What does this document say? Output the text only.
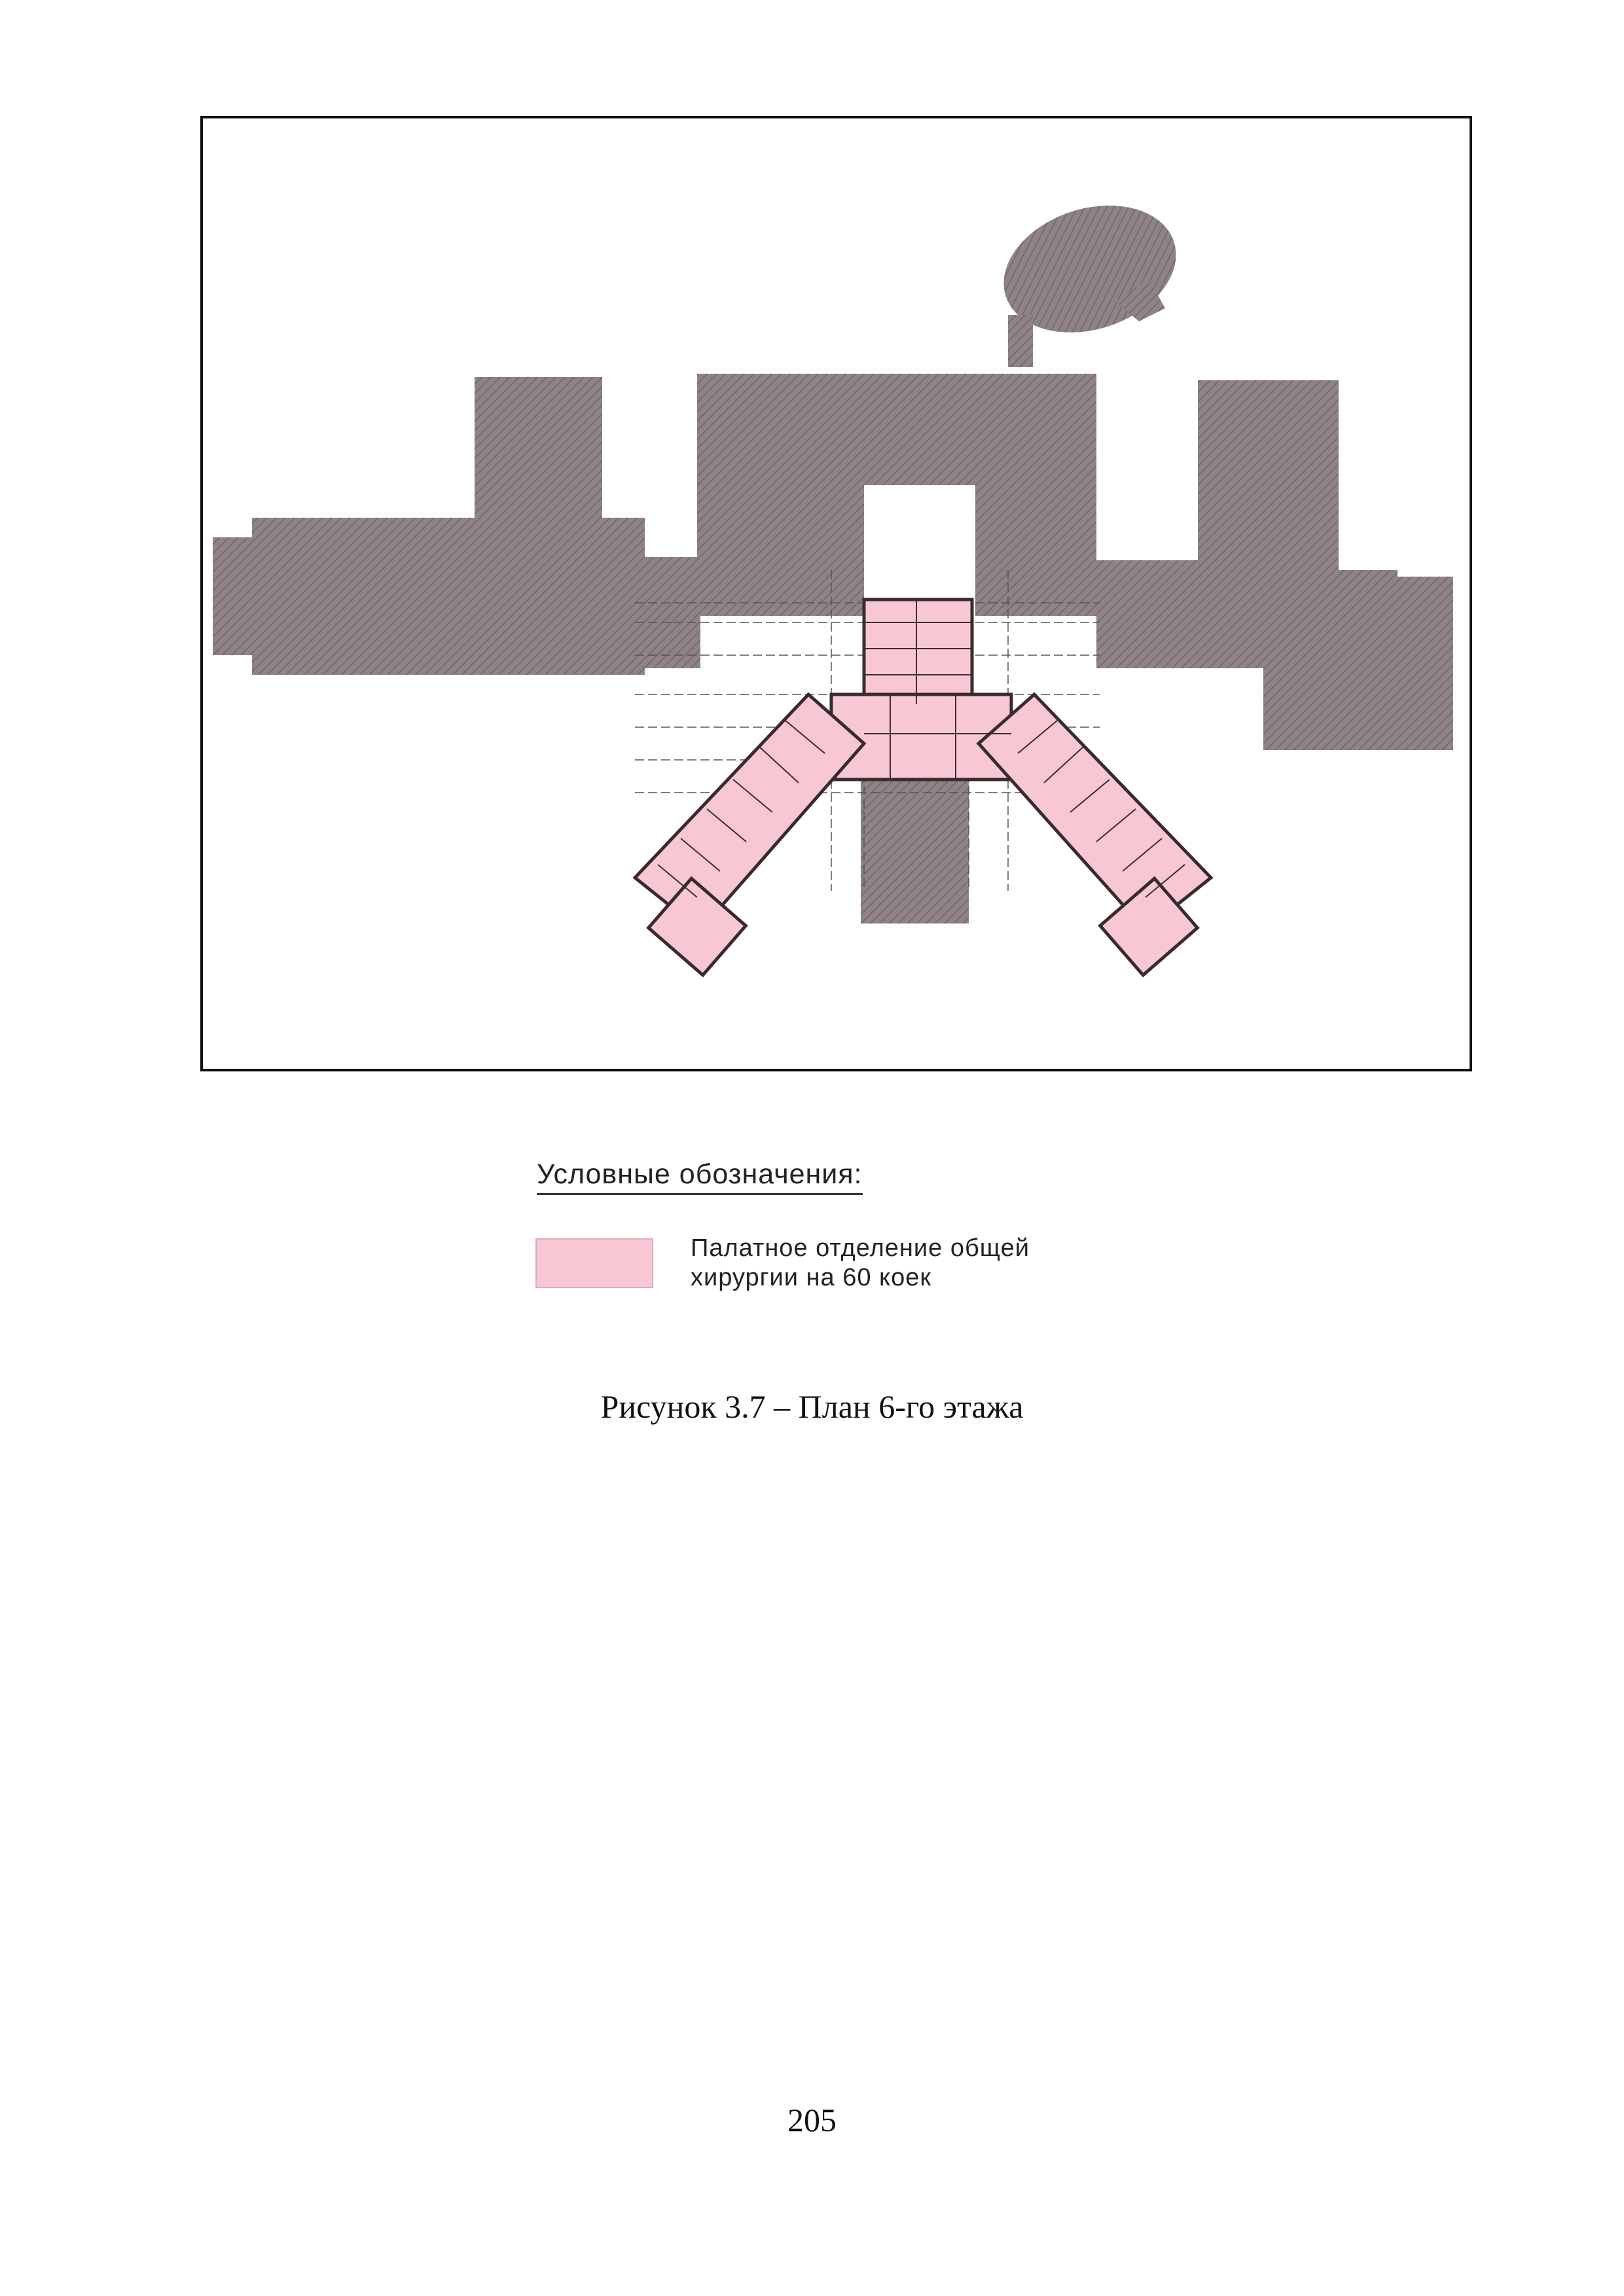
Условные обозначения:
Палатное отделение общей
хирургии на 60 коек
Рисунок 3.7 – План 6-го этажа
205
